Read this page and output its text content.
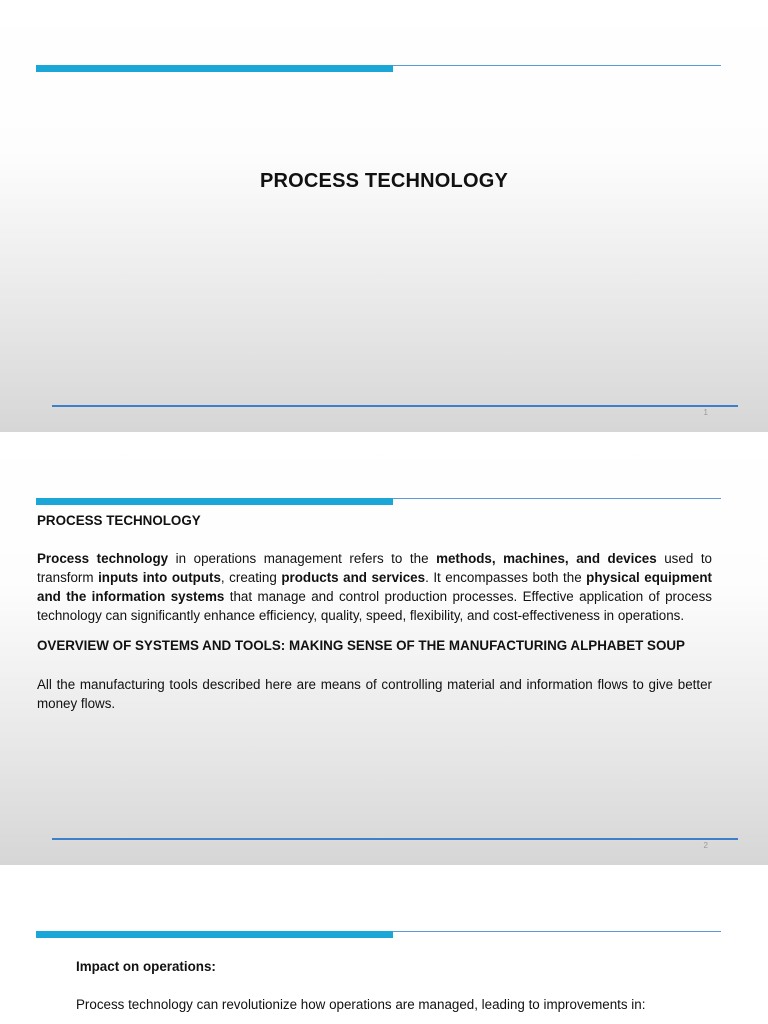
PROCESS TECHNOLOGY
1

PROCESS TECHNOLOGY

Process technology in operations management refers to the methods, machines, and devices used to transform inputs into outputs, creating products and services. It encompasses both the physical equipment and the information systems that manage and control production processes. Effective application of process technology can significantly enhance efficiency, quality, speed, flexibility, and cost-effectiveness in operations.

OVERVIEW OF SYSTEMS AND TOOLS: MAKING SENSE OF THE MANUFACTURING ALPHABET SOUP

All the manufacturing tools described here are means of controlling material and information flows to give better money flows.

2

Impact on operations:

Process technology can revolutionize how operations are managed, leading to improvements in:
